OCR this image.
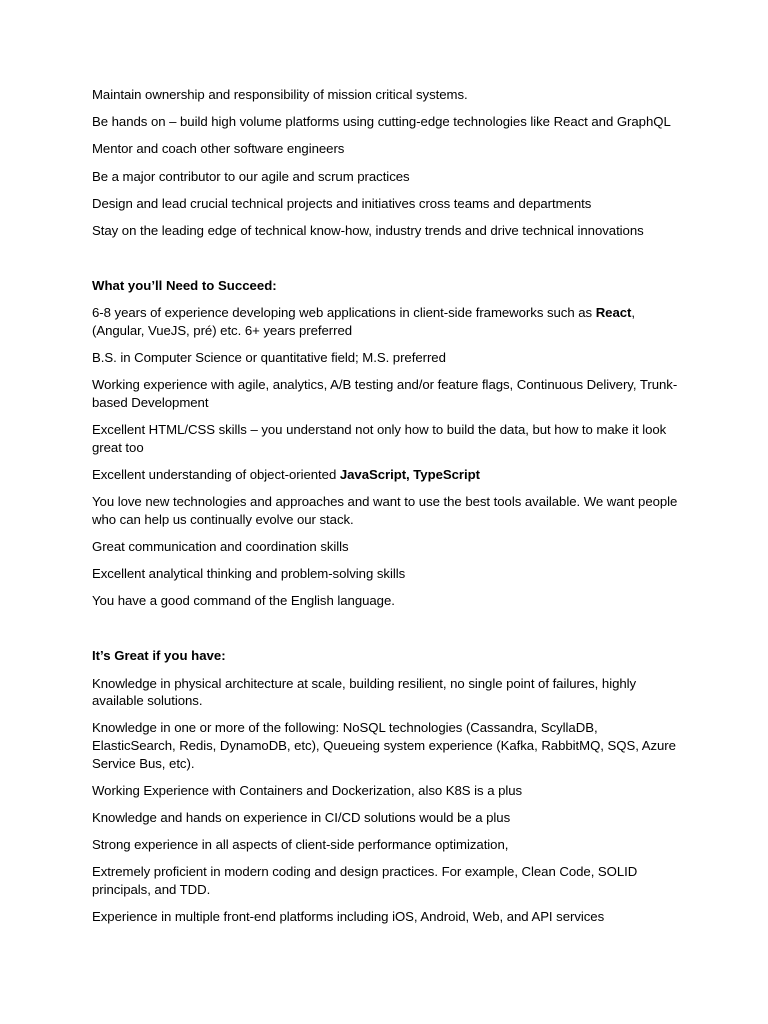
Maintain ownership and responsibility of mission critical systems.

Be hands on – build high volume platforms using cutting-edge technologies like React and GraphQL

Mentor and coach other software engineers

Be a major contributor to our agile and scrum practices

Design and lead crucial technical projects and initiatives cross teams and departments

Stay on the leading edge of technical know-how, industry trends and drive technical innovations

What you’ll Need to Succeed:

6-8 years of experience developing web applications in client-side frameworks such as React, (Angular, VueJS, pré) etc. 6+ years preferred

B.S. in Computer Science or quantitative field; M.S. preferred

Working experience with agile, analytics, A/B testing and/or feature flags, Continuous Delivery, Trunk-based Development

Excellent HTML/CSS skills – you understand not only how to build the data, but how to make it look great too

Excellent understanding of object-oriented JavaScript, TypeScript

You love new technologies and approaches and want to use the best tools available. We want people who can help us continually evolve our stack.

Great communication and coordination skills

Excellent analytical thinking and problem-solving skills

You have a good command of the English language.

It’s Great if you have:

Knowledge in physical architecture at scale, building resilient, no single point of failures, highly available solutions.

Knowledge in one or more of the following: NoSQL technologies (Cassandra, ScyllaDB, ElasticSearch, Redis, DynamoDB, etc), Queueing system experience (Kafka, RabbitMQ, SQS, Azure Service Bus, etc).

Working Experience with Containers and Dockerization, also K8S is a plus

Knowledge and hands on experience in CI/CD solutions would be a plus

Strong experience in all aspects of client-side performance optimization,

Extremely proficient in modern coding and design practices. For example, Clean Code, SOLID principals, and TDD.

Experience in multiple front-end platforms including iOS, Android, Web, and API services
